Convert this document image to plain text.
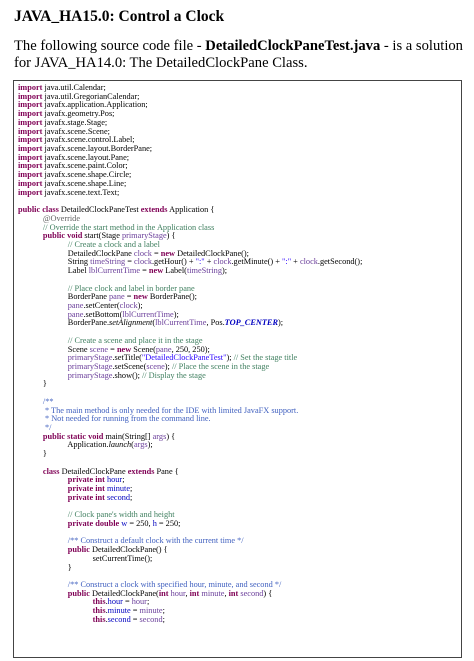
JAVA_HA15.0: Control a Clock
The following source code file - DetailedClockPaneTest.java - is a solution for JAVA_HA14.0: The DetailedClockPane Class.
import java.util.Calendar;
import java.util.GregorianCalendar;
import javafx.application.Application;
import javafx.geometry.Pos;
import javafx.stage.Stage;
import javafx.scene.Scene;
import javafx.scene.control.Label;
import javafx.scene.layout.BorderPane;
import javafx.scene.layout.Pane;
import javafx.scene.paint.Color;
import javafx.scene.shape.Circle;
import javafx.scene.shape.Line;
import javafx.scene.text.Text;

public class DetailedClockPaneTest extends Application {
@Override
// Override the start method in the Application class
public void start(Stage primaryStage) {
// Create a clock and a label
DetailedClockPane clock = new DetailedClockPane();
String timeString = clock.getHour() + ":" + clock.getMinute() + ":" + clock.getSecond();
Label lblCurrentTime = new Label(timeString);

// Place clock and label in border pane
BorderPane pane = new BorderPane();
pane.setCenter(clock);
pane.setBottom(lblCurrentTime);
BorderPane.setAlignment(lblCurrentTime, Pos.TOP_CENTER);

// Create a scene and place it in the stage
Scene scene = new Scene(pane, 250, 250);
primaryStage.setTitle("DetailedClockPaneTest"); // Set the stage title
primaryStage.setScene(scene); // Place the scene in the stage
primaryStage.show(); // Display the stage
}

/**
* The main method is only needed for the IDE with limited JavaFX support.
* Not needed for running from the command line.
*/
public static void main(String[] args) {
Application.launch(args);
}

class DetailedClockPane extends Pane {
private int hour;
private int minute;
private int second;

// Clock pane's width and height
private double w = 250, h = 250;

/** Construct a default clock with the current time */
public DetailedClockPane() {
setCurrentTime();
}

/** Construct a clock with specified hour, minute, and second */
public DetailedClockPane(int hour, int minute, int second) {
this.hour = hour;
this.minute = minute;
this.second = second;
